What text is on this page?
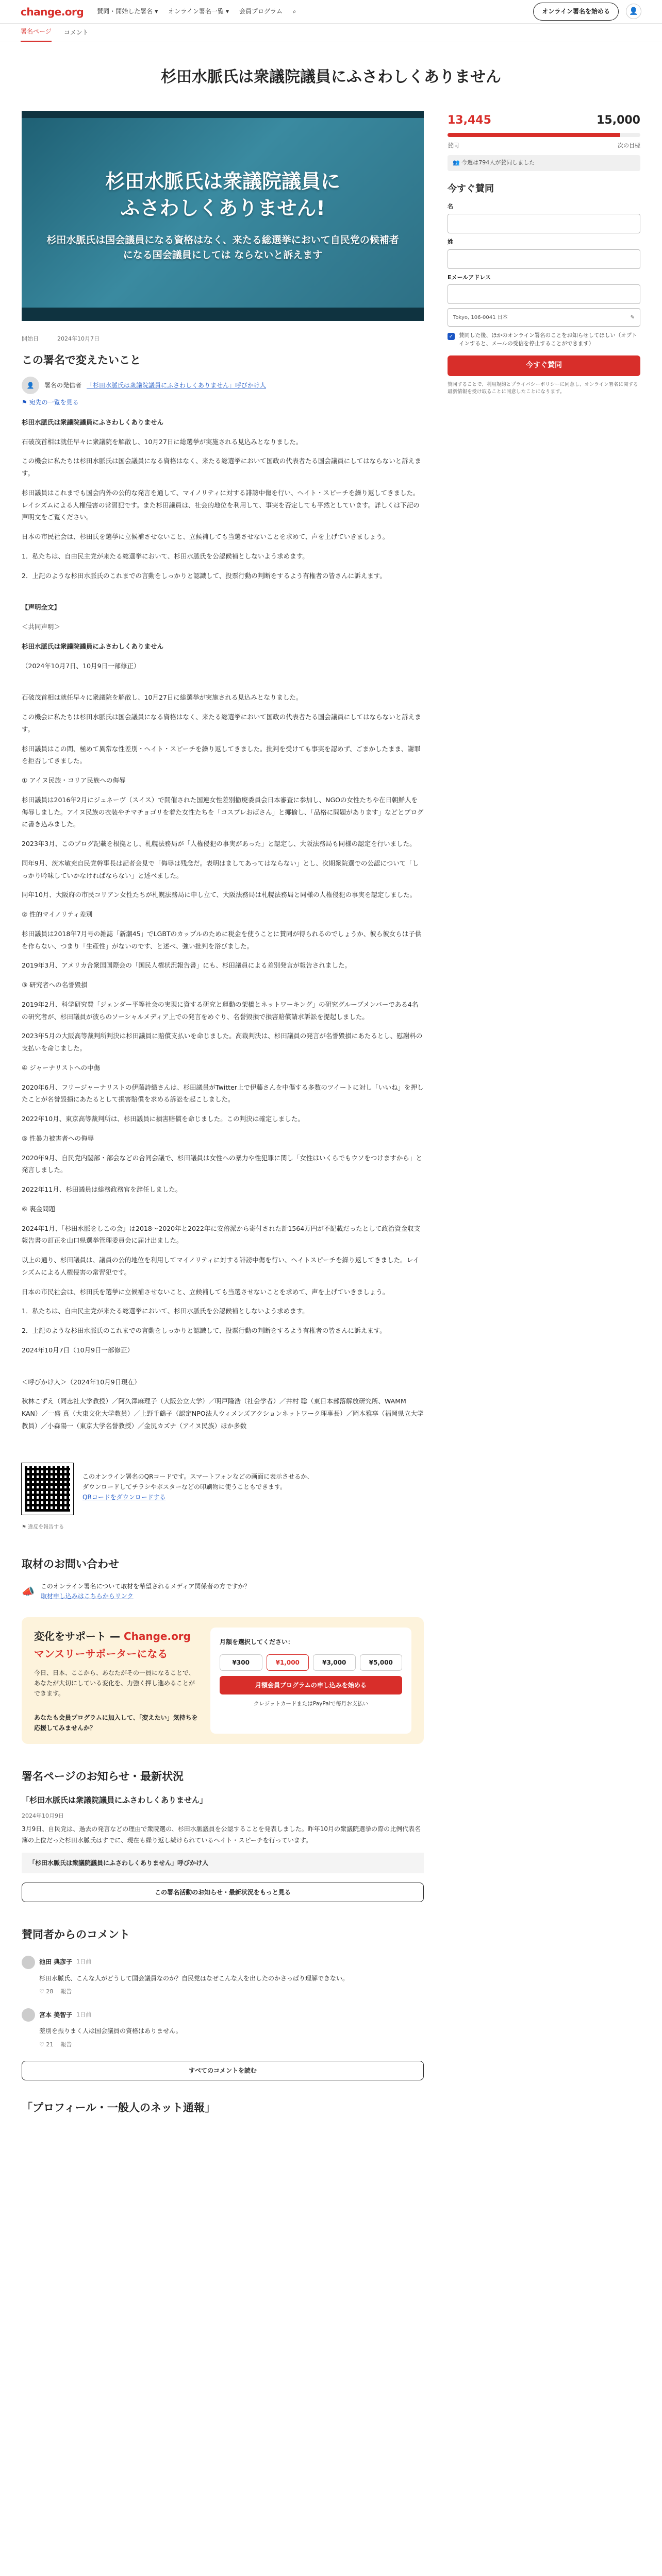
change.org 賛同・開始した署名 ▾ オンライン署名一覧 ▾ 会員プログラム ⌕	オンライン署名を始める	👤
署名ページ コメント
杉田水脈氏は衆議院議員にふさわしくありません
杉田水脈氏は衆議院議員に
ふさわしくありません!
杉田水脈氏は国会議員になる資格はなく、来たる総選挙において自民党の候補者になる国会議員にしては ならないと訴えます
開始日	2024年10月7日
この署名で変えたいこと
👤	署名の発信者 「杉田水脈氏は衆議院議員にふさわしくありません」呼びかけ人
⚑ 宛先の一覧を見る

杉田水脈氏は衆議院議員にふさわしくありません

石破茂首相は就任早々に衆議院を解散し、10月27日に総選挙が実施される見込みとなりました。

この機会に私たちは杉田水脈氏は国会議員になる資格はなく、来たる総選挙において国政の代表者たる国会議員にしてはならないと訴えます。

杉田議員はこれまでも国会内外の公的な発言を通して、マイノリティに対する誹謗中傷を行い、ヘイト・スピーチを繰り返してきました。レイシズムによる人権侵害の常習犯です。また杉田議員は、社会的地位を利用して、事実を否定しても平然としています。詳しくは下記の声明文をご覧ください。

日本の市民社会は、杉田氏を選挙に立候補させないこと、立候補しても当選させないことを求めて、声を上げていきましょう。

1．私たちは、自由民主党が来たる総選挙において、杉田水脈氏を公認候補としないよう求めます。

2．上記のような杉田水脈氏のこれまでの言動をしっかりと認識して、投票行動の判断をするよう有権者の皆さんに訴えます。

【声明全文】

＜共同声明＞

杉田水脈氏は衆議院議員にふさわしくありません

（2024年10月7日、10月9日一部修正）

石破茂首相は就任早々に衆議院を解散し、10月27日に総選挙が実施される見込みとなりました。

この機会に私たちは杉田水脈氏は国会議員になる資格はなく、来たる総選挙において国政の代表者たる国会議員にしてはならないと訴えます。

杉田議員はこの間、極めて異常な性差別・ヘイト・スピーチを繰り返してきました。批判を受けても事実を認めず、ごまかしたまま、謝罪を拒否してきました。

① アイヌ民族・コリア民族への侮辱

杉田議員は2016年2月にジュネーヴ（スイス）で開催された国連女性差別撤廃委員会日本審査に参加し、NGOの女性たちや在日朝鮮人を侮辱しました。アイヌ民族の衣装やチマチョゴリを着た女性たちを「コスプレおばさん」と揶揄し、「品格に問題があります」などとブログに書き込みました。

2023年3月、このブログ記載を根拠とし、札幌法務局が「人権侵犯の事実があった」と認定し、大阪法務局も同様の認定を行いました。

同年9月、茨木敏充自民党幹事長は記者会見で「侮辱は残念だ。表明はましてあってはならない」とし、次期衆院選での公認について「しっかり吟味していかなければならない」と述べました。

同年10月、大阪府の市民コリアン女性たちが札幌法務局に申し立て、大阪法務局は札幌法務局と同様の人権侵犯の事実を認定しました。

② 性的マイノリティ差別

杉田議員は2018年7月号の雑誌「新潮45」でLGBTのカップルのために税金を使うことに賛同が得られるのでしょうか、彼ら彼女らは子供を作らない、つまり「生産性」がないのです、と述べ、強い批判を浴びました。

2019年3月、アメリカ合衆国国際会の「国民人権状況報告書」にも、杉田議員による差別発言が報告されました。

③ 研究者への名誉毀損

2019年2月、科学研究費「ジェンダー平等社会の実現に資する研究と運動の架橋とネットワーキング」の研究グループメンバーである4名の研究者が、杉田議員が彼らのソーシャルメディア上での発言をめぐり、名誉毀損で損害賠償請求訴訟を提起しました。

2023年5月の大阪高等裁判所判決は杉田議員に賠償支払いを命じました。高裁判決は、杉田議員の発言が名誉毀損にあたるとし、慰謝料の支払いを命じました。

④ ジャーナリストへの中傷

2020年6月、フリージャーナリストの伊藤詩織さんは、杉田議員がTwitter上で伊藤さんを中傷する多数のツイートに対し「いいね」を押したことが名誉毀損にあたるとして損害賠償を求める訴訟を起こしました。

2022年10月、東京高等裁判所は、杉田議員に損害賠償を命じました。この判決は確定しました。

⑤ 性暴力被害者への侮辱

2020年9月、自民党内閣部・部会などの合同会議で、杉田議員は女性への暴力や性犯罪に関し「女性はいくらでもウソをつけますから」と発言しました。

2022年11月、杉田議員は総務政務官を辞任しました。

⑥ 裏金問題

2024年1月、「杉田水脈をしこの会」は2018〜2020年と2022年に安倍派から寄付された計1564万円が不記載だったとして政治資金収支報告書の訂正を山口県選挙管理委員会に届け出ました。

以上の通り、杉田議員は、議員の公的地位を利用してマイノリティに対する誹謗中傷を行い、ヘイトスピーチを繰り返してきました。レイシズムによる人権侵害の常習犯です。

日本の市民社会は、杉田氏を選挙に立候補させないこと、立候補しても当選させないことを求めて、声を上げていきましょう。

1．私たちは、自由民主党が来たる総選挙において、杉田水脈氏を公認候補としないよう求めます。

2．上記のような杉田水脈氏のこれまでの言動をしっかりと認識して、投票行動の判断をするよう有権者の皆さんに訴えます。

2024年10月7日（10月9日一部修正）

＜呼びかけ人＞（2024年10月9日現在）

秋林こずえ（同志社大学教授）／阿久澤麻理子（大阪公立大学）／明戸隆浩（社会学者）／井村 聡（東日本部落解放研究所、WAMM KAN）／一盛 真（大東文化大学教員）／上野千鶴子（認定NPO法人ウィメンズアクションネットワーク理事長）／岡本雅享（福岡県立大学教員）／小森陽一（東京大学名誉教授）／金尻カズナ（アイヌ民族）ほか多数

このオンライン署名のQRコードです。スマートフォンなどの画面に表示させるか、
ダウンロードしてチラシやポスターなどの印刷物に使うこともできます。
QRコードをダウンロードする
⚑ 違反を報告する
取材のお問い合わせ
📣 このオンライン署名について取材を希望されるメディア関係者の方ですか？
取材申し込みはこちらからリンク
変化をサポート — Change.orgマンスリーサポーターになる
今日、日本、ここから、あなたがその一員になることで、あなたが大切にしている変化を、力強く押し進めることができます。
あなたも会員プログラムに加入して、「変えたい」気持ちを応援してみませんか？
月額を選択してください：
¥300	¥1,000	¥3,000	¥5,000
月額会員プログラムの申し込みを始める
クレジットカードまたはPayPalで毎月お支払い
署名ページのお知らせ・最新状況
「杉田水脈氏は衆議院議員にふさわしくありません」
2024年10月9日
3月9日、自民党は、過去の発言などの理由で衆院選の、杉田水脈議員を公認することを発表しました。昨年10月の衆議院選挙の際の比例代表名簿の上位だった杉田水脈氏はすでに、現在も繰り返し続けられているヘイト・スピーチを行っています。
「杉田水脈氏は衆議院議員にふさわしくありません」呼びかけ人
この署名活動のお知らせ・最新状況をもっと見る
賛同者からのコメント
池田 典彦子 1日前
杉田水脈氏、こんな人がどうして国会議員なのか？自民党はなぜこんな人を出したのかさっぱり理解できない。
♡ 28 報告
宮本 美智子 1日前
差別を振りまく人は国会議員の資格はありません。
♡ 21 報告
すべてのコメントを読む
「プロフィール・一般人のネット通報」
13,445	15,000
賛同	次の目標
👥 今週は794人が賛同しました
今すぐ賛同
名
姓
Eメールアドレス
Tokyo, 106-0041 日本	✎
✓ 賛同した後、ほかのオンライン署名のことをお知らせしてほしい（オプトインすると、メールの受信を停止することができます）
今すぐ賛同
賛同することで、利用規約とプライバシーポリシーに同意し、オンライン署名に関する最新情報を受け取ることに同意したことになります。
